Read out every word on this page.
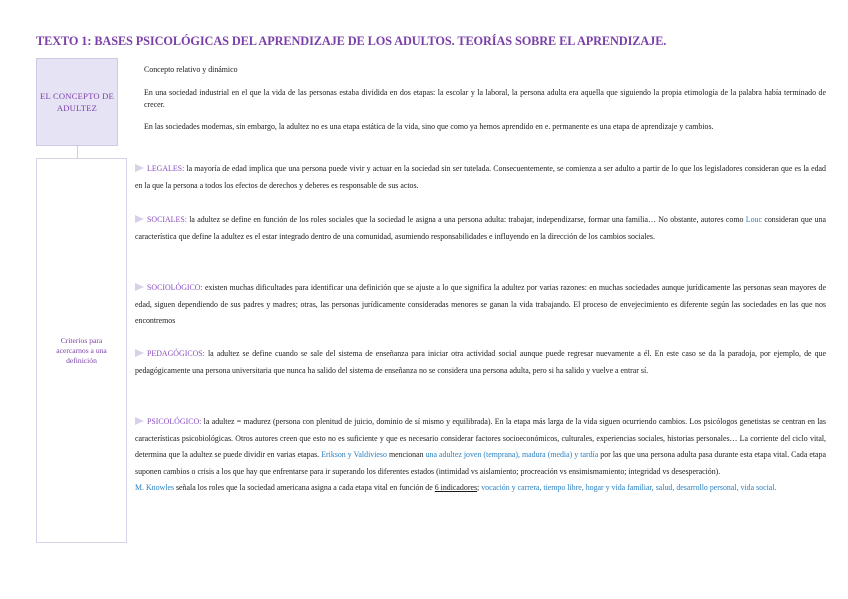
TEXTO 1: BASES PSICOLÓGICAS DEL APRENDIZAJE DE LOS ADULTOS. TEORÍAS SOBRE EL APRENDIZAJE.
EL CONCEPTO DE ADULTEZ
Concepto relativo y dinámico
En una sociedad industrial en el que la vida de las personas estaba dividida en dos etapas: la escolar y la laboral, la persona adulta era aquella que siguiendo la propia etimología de la palabra había terminado de crecer.
En las sociedades modernas, sin embargo, la adultez no es una etapa estática de la vida, sino que como ya hemos aprendido en e. permanente es una etapa de aprendizaje y cambios.
Criterios para acercarnos a una definición
LEGALES: la mayoría de edad implica que una persona puede vivir y actuar en la sociedad sin ser tutelada. Consecuentemente, se comienza a ser adulto a partir de lo que los legisladores consideran que es la edad en la que la persona a todos los efectos de derechos y deberes es responsable de sus actos.
SOCIALES: la adultez se define en función de los roles sociales que la sociedad le asigna a una persona adulta: trabajar, independizarse, formar una familia… No obstante, autores como Louc consideran que una característica que define la adultez es el estar integrado dentro de una comunidad, asumiendo responsabilidades e influyendo en la dirección de los cambios sociales.
SOCIOLÓGICO: existen muchas dificultades para identificar una definición que se ajuste a lo que significa la adultez por varias razones: en muchas sociedades aunque jurídicamente las personas sean mayores de edad, siguen dependiendo de sus padres y madres; otras, las personas jurídicamente consideradas menores se ganan la vida trabajando. El proceso de envejecimiento es diferente según las sociedades en las que nos encontremos
PEDAGÓGICOS: la adultez se define cuando se sale del sistema de enseñanza para iniciar otra actividad social aunque puede regresar nuevamente a él. En este caso se da la paradoja, por ejemplo, de que pedagógicamente una persona universitaria que nunca ha salido del sistema de enseñanza no se considera una persona adulta, pero si ha salido y vuelve a entrar sí.
PSICOLÓGICO: la adultez = madurez (persona con plenitud de juicio, dominio de sí mismo y equilibrada). En la etapa más larga de la vida siguen ocurriendo cambios. Los psicólogos genetistas se centran en las características psicobiológicas. Otros autores creen que esto no es suficiente y que es necesario considerar factores socioeconómicos, culturales, experiencias sociales, historias personales… La corriente del ciclo vital, determina que la adultez se puede dividir en varias etapas. Erikson y Valdivieso mencionan una adultez joven (temprana), madura (media) y tardía por las que una persona adulta pasa durante esta etapa vital. Cada etapa suponen cambios o crisis a los que hay que enfrentarse para ir superando los diferentes estados (intimidad vs aislamiento; procreación vs ensimismamiento; integridad vs desesperación).
M. Knowles señala los roles que la sociedad americana asigna a cada etapa vital en función de 6 indicadores; vocación y carrera, tiempo libre, hogar y vida familiar, salud, desarrollo personal, vida social.
